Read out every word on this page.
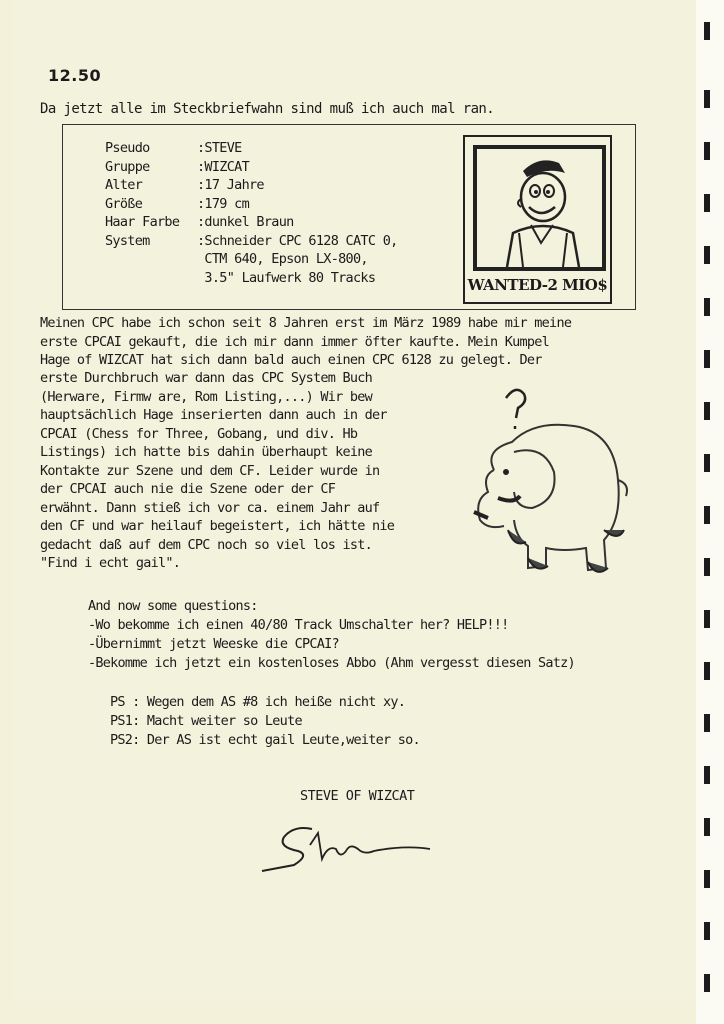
12.50
Da jetzt alle im Steckbriefwahn sind muß ich auch mal ran.
Pseudo	:STEVE
Gruppe	:WIZCAT
Alter	:17 Jahre
Größe	:179 cm
Haar Farbe	:dunkel Braun
System	:Schneider CPC 6128 CATC 0,
CTM 640, Epson LX-800,
3.5" Laufwerk 80 Tracks	WANTED-2 MIO$
Meinen CPC habe ich schon seit 8 Jahren erst im März 1989 habe mir meine
erste CPCAI gekauft, die ich mir dann immer öfter kaufte. Mein Kumpel
Hage of WIZCAT hat sich dann bald auch einen CPC 6128 zu gelegt. Der
erste Durchbruch war dann das CPC System Buch
(Herware, Firmw are, Rom Listing,...) Wir bew
hauptsächlich Hage inserierten dann auch in der
CPCAI (Chess for Three, Gobang, und div. Hb
Listings) ich hatte bis dahin überhaupt keine
Kontakte zur Szene und dem CF. Leider wurde in
der CPCAI auch nie die Szene oder der CF
erwähnt. Dann stieß ich vor ca. einem Jahr auf
den CF und war heilauf begeistert, ich hätte nie
gedacht daß auf dem CPC noch so viel los ist.
"Find i echt gail".
And now some questions:
-Wo bekomme ich einen 40/80 Track Umschalter her? HELP!!!
-Übernimmt jetzt Weeske die CPCAI?
-Bekomme ich jetzt ein kostenloses Abbo (Ahm vergesst diesen Satz)
PS : Wegen dem AS #8 ich heiße nicht xy.
PS1: Macht weiter so Leute
PS2: Der AS ist echt gail Leute,weiter so.
STEVE OF WIZCAT
